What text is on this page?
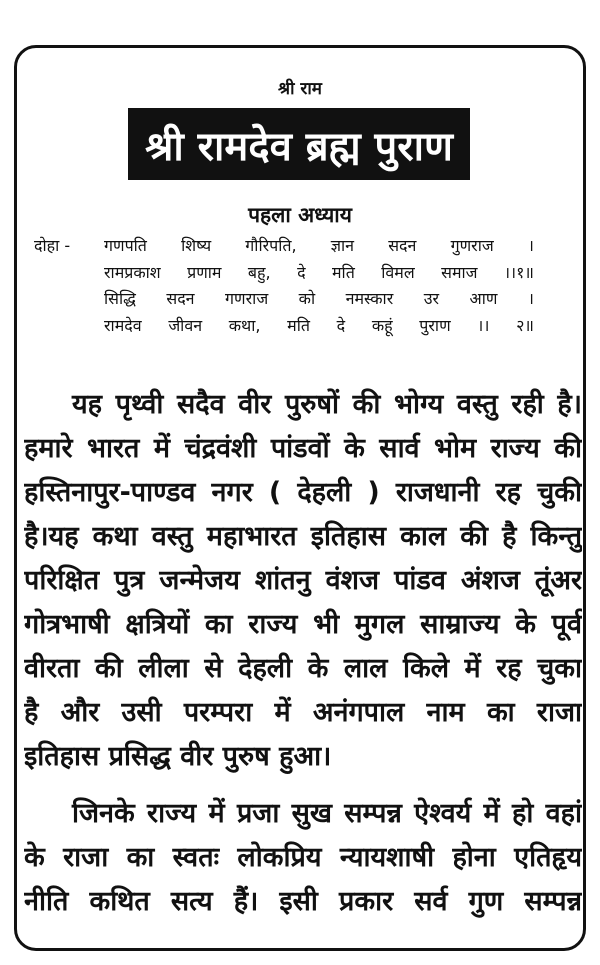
श्री राम
श्री रामदेव ब्रह्म पुराण
पहला अध्याय
दोहा -	गणपति शिष्य गौरिपति, ज्ञान सदन गुणराज ।
रामप्रकाश प्रणाम बहु, दे मति विमल समाज ।।१॥
सिद्धि सदन गणराज को नमस्कार उर आण ।
रामदेव जीवन कथा, मति दे कहूं पुराण ।। २॥
यह पृथ्वी सदैव वीर पुरुषों की भोग्य वस्तु रही है।
हमारे भारत में चंद्रवंशी पांडवों के सार्व भोम राज्य की
हस्तिनापुर-पाण्डव नगर ( देहली ) राजधानी रह चुकी
है।यह कथा वस्तु महाभारत इतिहास काल की है किन्तु
परिक्षित पुत्र जन्मेजय शांतनु वंशज पांडव अंशज तूंअर
गोत्रभाषी क्षत्रियों का राज्य भी मुगल साम्राज्य के पूर्व
वीरता की लीला से देहली के लाल किले में रह चुका
है और उसी परम्परा में अनंगपाल नाम का राजा
इतिहास प्रसिद्ध वीर पुरुष हुआ।
जिनके राज्य में प्रजा सुख सम्पन्न ऐश्वर्य में हो वहां
के राजा का स्वतः लोकप्रिय न्यायशाषी होना एतिहृय
नीति कथित सत्य हैं। इसी प्रकार सर्व गुण सम्पन्न
